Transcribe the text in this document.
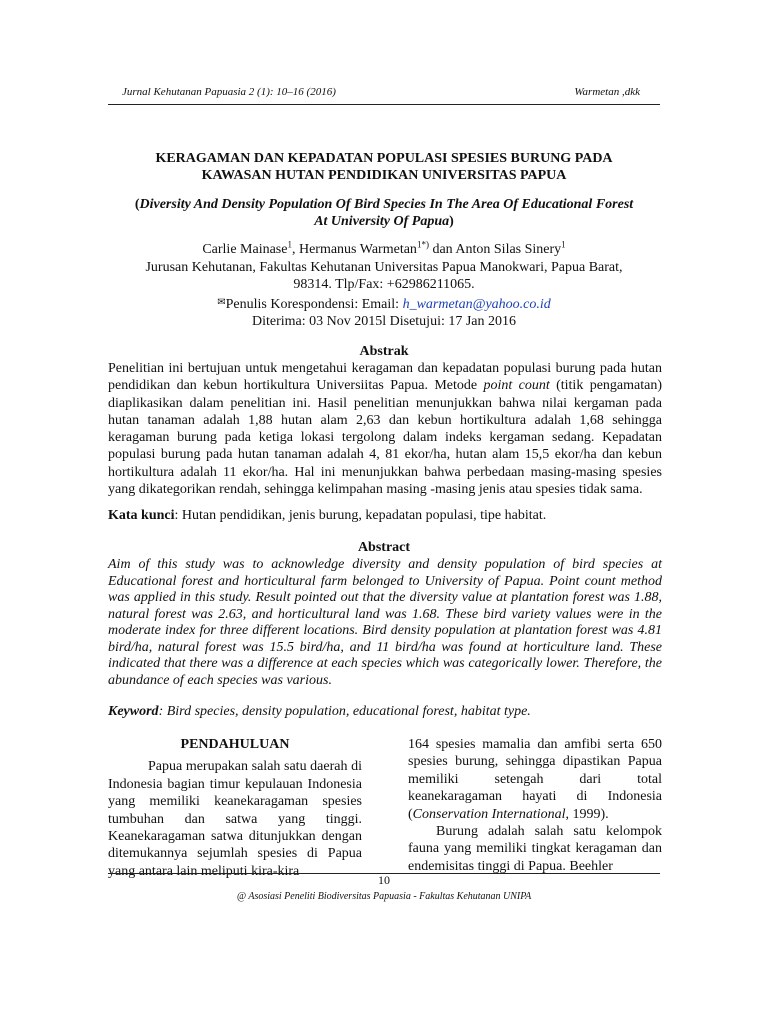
Jurnal Kehutanan Papuasia 2 (1): 10–16 (2016)	Warmetan ,dkk
KERAGAMAN DAN KEPADATAN POPULASI SPESIES BURUNG PADA
KAWASAN HUTAN PENDIDIKAN UNIVERSITAS PAPUA
(Diversity And Density Population Of Bird Species In The Area Of Educational Forest
At University Of Papua)
Carlie Mainase$^1$, Hermanus Warmetan$^{1*)}$ dan Anton Silas Sinery$^1$
Jurusan Kehutanan, Fakultas Kehutanan Universitas Papua Manokwari, Papua Barat,
98314. Tlp/Fax: +62986211065.
✉Penulis Korespondensi: Email: h_warmetan@yahoo.co.id
Diterima: 03 Nov 2015l Disetujui: 17 Jan 2016
Abstrak
Penelitian ini bertujuan untuk mengetahui keragaman dan kepadatan populasi burung pada hutan pendidikan dan kebun hortikultura Universiitas Papua. Metode point count (titik pengamatan) diaplikasikan dalam penelitian ini. Hasil penelitian menunjukkan bahwa nilai kergaman pada hutan tanaman adalah 1,88 hutan alam 2,63 dan kebun hortikultura adalah 1,68 sehingga keragaman burung pada ketiga lokasi tergolong dalam indeks kergaman sedang. Kepadatan populasi burung pada hutan tanaman adalah 4, 81 ekor/ha, hutan alam 15,5 ekor/ha dan kebun hortikultura adalah 11 ekor/ha. Hal ini menunjukkan bahwa perbedaan masing-masing spesies yang dikategorikan rendah, sehingga kelimpahan masing -masing jenis atau spesies tidak sama.
Kata kunci: Hutan pendidikan, jenis burung, kepadatan populasi, tipe habitat.
Abstract
Aim of this study was to acknowledge diversity and density population of bird species at Educational forest and horticultural farm belonged to University of Papua. Point count method was applied in this study. Result pointed out that the diversity value at plantation forest was 1.88, natural forest was 2.63, and horticultural land was 1.68. These bird variety values were in the moderate index for three different locations. Bird density population at plantation forest was 4.81 bird/ha, natural forest was 15.5 bird/ha, and 11 bird/ha was found at horticulture land. These indicated that there was a difference at each species which was categorically lower. Therefore, the abundance of each species was various.
Keyword: Bird species, density population, educational forest, habitat type.
PENDAHULUAN

Papua merupakan salah satu daerah di Indonesia bagian timur kepulauan Indonesia yang memiliki keanekaragaman spesies tumbuhan dan satwa yang tinggi. Keanekaragaman satwa ditunjukkan dengan ditemukannya sejumlah spesies di Papua yang antara lain meliputi kira-kira

164 spesies mamalia dan amfibi serta 650 spesies burung, sehingga dipastikan Papua memiliki setengah dari total keanekaragaman hayati di Indonesia (Conservation International, 1999).

Burung adalah salah satu kelompok fauna yang memiliki tingkat keragaman dan endemisitas tinggi di Papua. Beehler

10
@ Asosiasi Peneliti Biodiversitas Papuasia - Fakultas Kehutanan UNIPA
